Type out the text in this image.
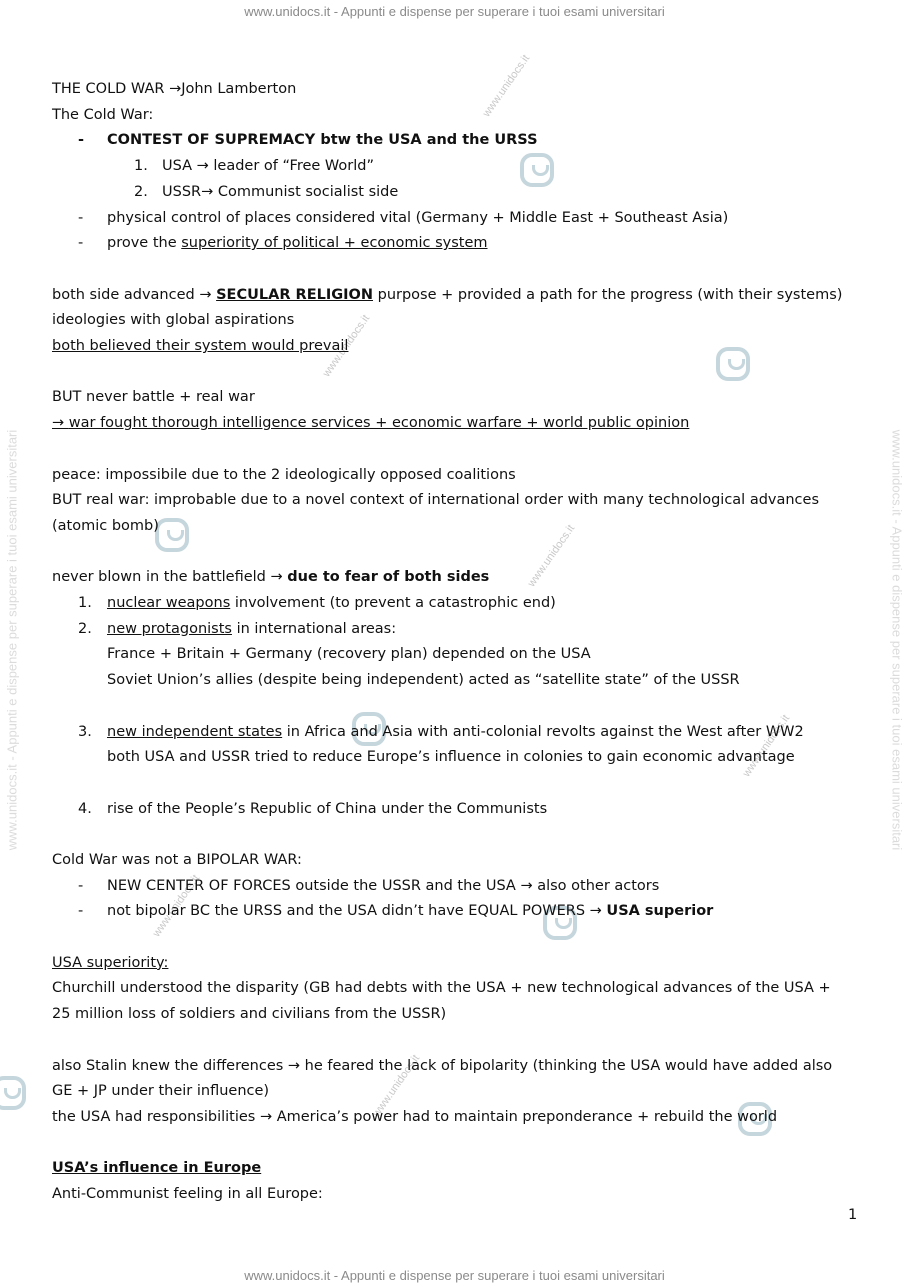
www.unidocs.it - Appunti e dispense per superare i tuoi esami universitari
www.unidocs.it - Appunti e dispense per superare i tuoi esami universitari
www.unidocs.it - Appunti e dispense per superare i tuoi esami universitari	www.unidocs.it - Appunti e dispense per superare i tuoi esami universitari
www.unidocs.it
www.unidocs.it
www.unidocs.it
www.unidocs.it
www.unidocs.it
www.unidocs.it
THE COLD WAR →John Lamberton
The Cold War:
- CONTEST OF SUPREMACY btw the USA and the URSS
1. USA → leader of “Free World”
2. USSR→ Communist socialist side
- physical control of places considered vital (Germany + Middle East + Southeast Asia)
- prove the superiority of political + economic system
both side advanced → SECULAR RELIGION purpose + provided a path for the progress (with their systems)
ideologies with global aspirations
both believed their system would prevail
BUT never battle + real war
→ war fought thorough intelligence services + economic warfare + world public opinion
peace: impossibile due to the 2 ideologically opposed coalitions
BUT real war: improbable due to a novel context of international order with many technological advances
(atomic bomb)
never blown in the battlefield → due to fear of both sides
1. nuclear weapons involvement (to prevent a catastrophic end)
2. new protagonists in international areas:
France + Britain + Germany (recovery plan) depended on the USA
Soviet Union’s allies (despite being independent) acted as “satellite state” of the USSR
3. new independent states in Africa and Asia with anti-colonial revolts against the West after WW2
both USA and USSR tried to reduce Europe’s influence in colonies to gain economic advantage
4. rise of the People’s Republic of China under the Communists
Cold War was not a BIPOLAR WAR:
- NEW CENTER OF FORCES outside the USSR and the USA → also other actors
- not bipolar BC the URSS and the USA didn’t have EQUAL POWERS → USA superior
USA superiority:
Churchill understood the disparity (GB had debts with the USA + new technological advances of the USA +
25 million loss of soldiers and civilians from the USSR)
also Stalin knew the differences → he feared the lack of bipolarity (thinking the USA would have added also
GE + JP under their influence)
the USA had responsibilities → America’s power had to maintain preponderance + rebuild the world
USA’s influence in Europe
Anti-Communist feeling in all Europe:
1
